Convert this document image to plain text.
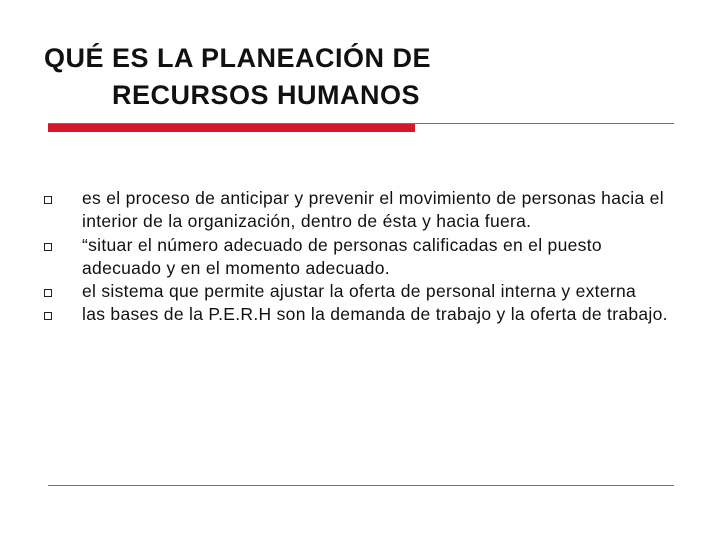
QUÉ ES LA PLANEACIÓN DE
RECURSOS HUMANOS
es el proceso de anticipar y prevenir el movimiento de personas hacia el interior de la organización, dentro de ésta y hacia fuera.
“situar el número adecuado de personas calificadas en el puesto adecuado y en el momento adecuado.
el sistema que permite ajustar la oferta de personal interna y externa
las bases de la P.E.R.H son la demanda de trabajo y la oferta de trabajo.
